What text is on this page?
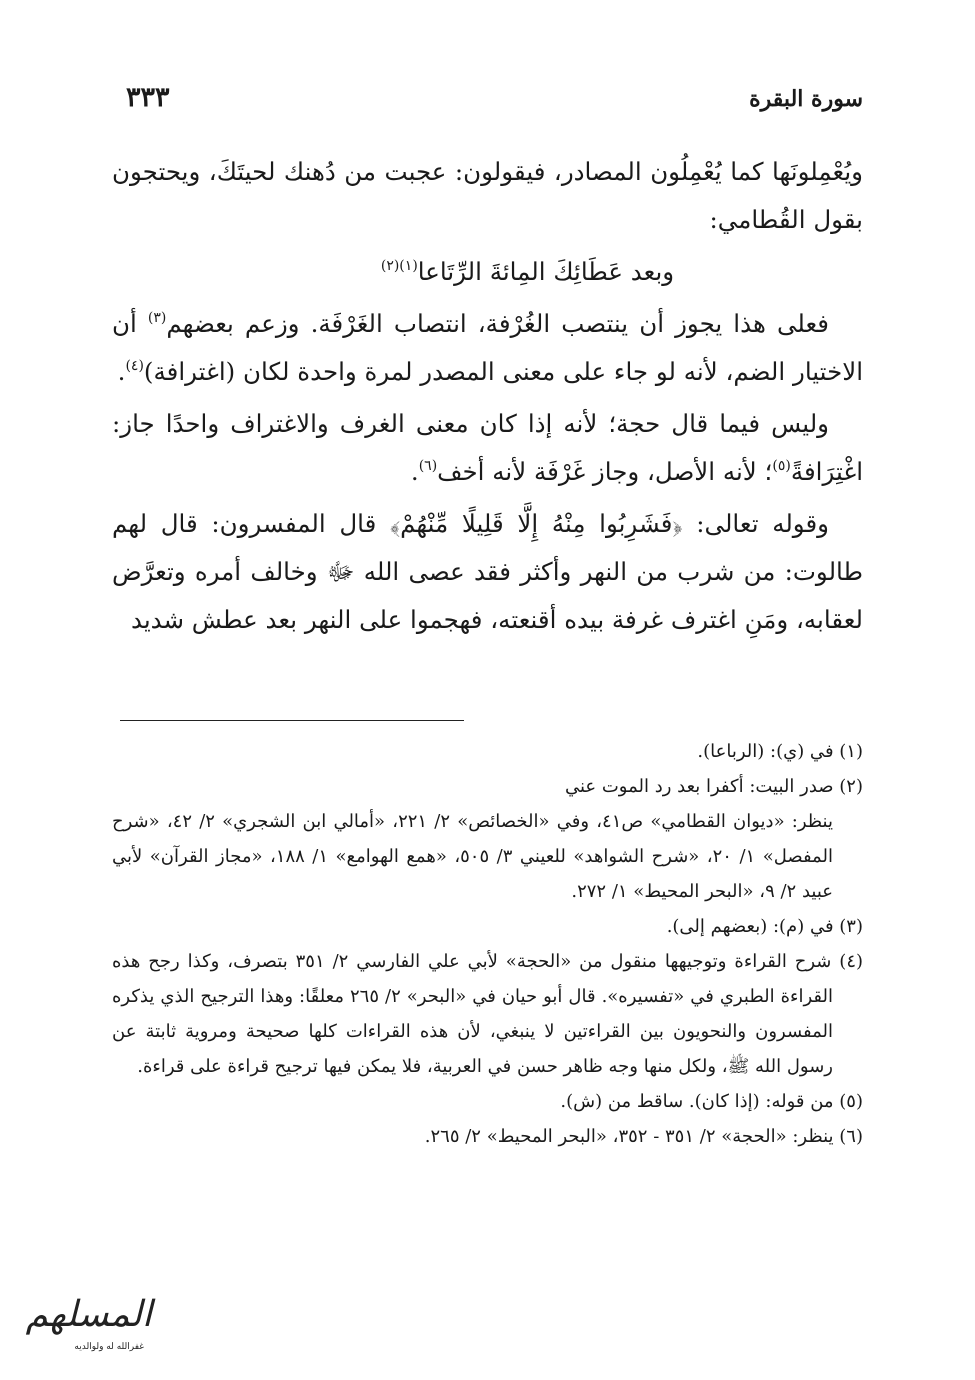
سورة البقرة
٣٣٣

ويُعْمِلونَها كما يُعْمِلُون المصادر، فيقولون: عجبت من دُهنك لحيتَكَ، ويحتجون بقول القُطامي:

وبعد عَطَائِكَ المِائةَ الرِّتَاعا$^{(١)(٢)}$

فعلى هذا يجوز أن ينتصب الغُرْفة، انتصاب الغَرْفَة. وزعم بعضهم$^{(٣)}$ أن الاختيار الضم، لأنه لو جاء على معنى المصدر لمرة واحدة لكان (اغترافة)$^{(٤)}$.

وليس فيما قال حجة؛ لأنه إذا كان معنى الغرف والاغتراف واحدًا جاز: اغْتِرَافةً$^{(٥)}$؛ لأنه الأصل، وجاز غَرْفَة لأنه أخف$^{(٦)}$.

وقوله تعالى: ﴿فَشَرِبُوا مِنْهُ إِلَّا قَلِيلًا مِّنْهُمْ﴾ قال المفسرون: قال لهم طالوت: من شرب من النهر وأكثر فقد عصى الله ﷻ وخالف أمره وتعرَّض لعقابه، ومَنِ اغترف غرفة بيده أقنعته، فهجموا على النهر بعد عطش شديد

(١) في (ي): (الرباعا).
(٢) صدر البيت: أكفرا بعد رد الموت عني
ينظر: «ديوان القطامي» ص٤١، وفي «الخصائص» ٢/ ٢٢١، «أمالي ابن الشجري» ٢/ ٤٢، «شرح المفصل» ١/ ٢٠، «شرح الشواهد» للعيني ٣/ ٥٠٥، «همع الهوامع» ١/ ١٨٨، «مجاز القرآن» لأبي عبيد ٢/ ٩، «البحر المحيط» ١/ ٢٧٢.
(٣) في (م): (بعضهم إلى).
(٤) شرح القراءة وتوجيهها منقول من «الحجة» لأبي علي الفارسي ٢/ ٣٥١ بتصرف، وكذا رجح هذه القراءة الطبري في «تفسيره». قال أبو حيان في «البحر» ٢/ ٢٦٥ معلقًا: وهذا الترجيح الذي يذكره المفسرون والنحويون بين القراءتين لا ينبغي، لأن هذه القراءات كلها صحيحة ومروية ثابتة عن رسول الله ﷺ، ولكل منها وجه ظاهر حسن في العربية، فلا يمكن فيها ترجيح قراءة على قراءة.
(٥) من قوله: (إذا كان). ساقط من (ش).
(٦) ينظر: «الحجة» ٢/ ٣٥١ - ٣٥٢، «البحر المحيط» ٢/ ٢٦٥.
المسلهم
غفرالله له ولوالديه
